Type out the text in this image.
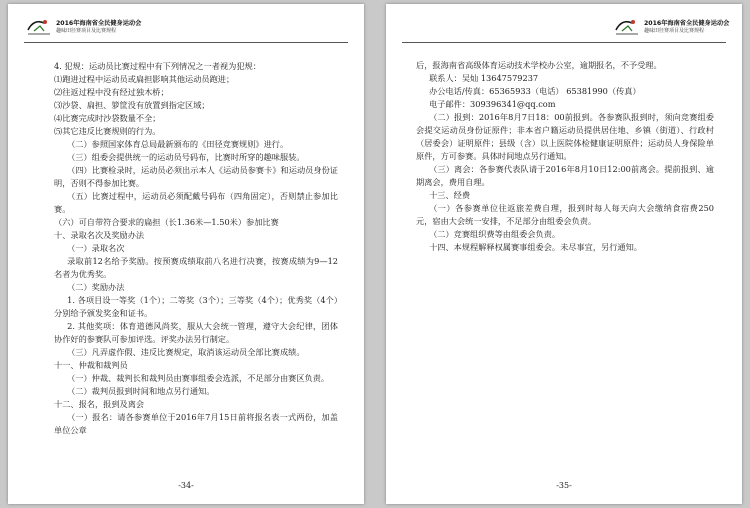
2016年海南省全民健身运动会
趣味田径赛项目及比赛规程

4. 犯规：运动员比赛过程中有下列情况之一者视为犯规：

⑴跑进过程中运动员或扁担影响其他运动员跑进；

⑵往返过程中没有经过独木桥；

⑶沙袋、扁担、箩筐没有放置到指定区域；

⑷比赛完成时沙袋数量不全；

⑸其它违反比赛规则的行为。

（二）参照国家体育总局最新颁布的《田径竞赛规则》进行。

（三）组委会提供统一的运动员号码布，比赛时所穿的趣味服装。

（四）比赛检录时，运动员必须出示本人《运动员参赛卡》和运动员身份证明，否则不得参加比赛。

（五）比赛过程中，运动员必须配戴号码布（四角固定），否则禁止参加比赛。

（六）可自带符合要求的扁担（长1.36米—1.50米）参加比赛

十、录取名次及奖励办法

（一）录取名次

录取前12名给予奖励。按预赛成绩取前八名进行决赛，按赛成绩为9—12名者为优秀奖。

（二）奖励办法

1. 各项目设一等奖（1个）；二等奖（3个）；三等奖（4个）；优秀奖（4个）分别给予颁发奖金和证书。

2. 其他奖项：体育道德风尚奖，服从大会统一管理，遵守大会纪律，团体协作好的参赛队可参加评选。评奖办法另行制定。

（三）凡弄虚作假、违反比赛规定，取消该运动员全部比赛成绩。

十一、仲裁和裁判员

（一）仲裁、裁判长和裁判员由赛事组委会选派，不足部分由赛区负责。

（二）裁判员报到时间和地点另行通知。

十二、报名，报到及离会

（一）报名：请各参赛单位于2016年7月15日前将报名表一式两份，加盖单位公章

-34-
2016年海南省全民健身运动会
趣味田径赛项目及比赛规程

后，报海南省高级体育运动技术学校办公室，逾期报名，不予受理。

联系人：吴灿 13647579237

办公电话/传真：65365933（电话） 65381990（传真）

电子邮件：309396341@qq.com

（二）报到：2016年8月7日18：00前报到。各参赛队报到时，须向竞赛组委会提交运动员身份证原件；非本省户籍运动员提供居住地、乡镇（街道）、行政村（居委会）证明原件；县级（含）以上医院体检健康证明原件；运动员人身保险单原件，方可参赛。具体时间地点另行通知。

（三）离会：各参赛代表队请于2016年8月10日12:00前离会。提前报到、逾期离会，费用自理。

十三、经费

（一）各参赛单位往返旅差费自理，报到时每人每天向大会缴纳食宿费250元，宿由大会统一安排，不足部分由组委会负责。

（二）竞赛组织费等由组委会负责。

十四、本规程解释权属赛事组委会。未尽事宜，另行通知。

-35-
